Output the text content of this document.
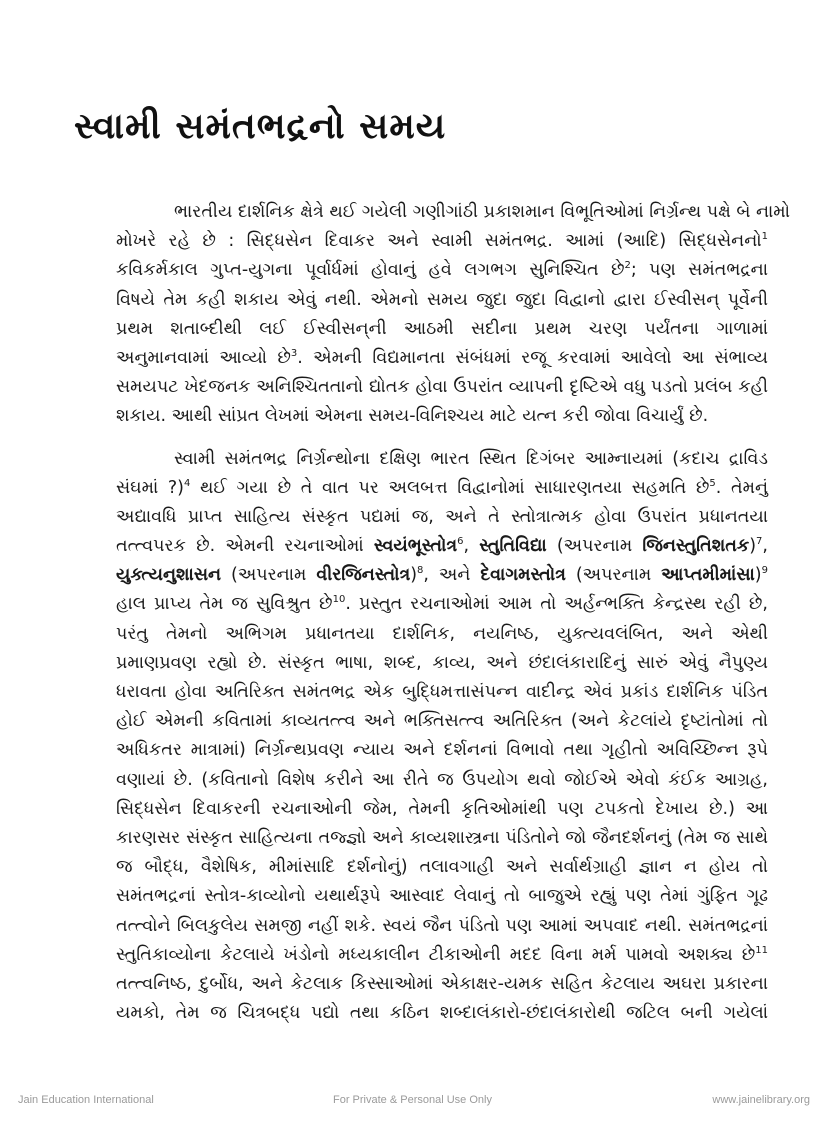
સ્વામી સમંતભદ્રનો સમય
ભારતીય દાર્શનિક ક્ષેત્રે થઈ ગયેલી ગણીગાંઠી પ્રકાશમાન વિભૂતિઓમાં નિર્ગ્રન્થ પક્ષે બે નામો
મોખરે રહે છે : સિદ્ધસેન દિવાકર અને સ્વામી સમંતભદ્ર. આમાં (આદિ) સિદ્ધસેનનો$^1$
કવિકર્મકાલ ગુપ્ત-યુગના પૂર્વાર્ધમાં હોવાનું હવે લગભગ સુનિશ્ચિત છે$^2$; પણ સમંતભદ્રના
વિષયે તેમ કહી શકાય એવું નથી. એમનો સમય જુદા જુદા વિદ્વાનો દ્વારા ઈસ્વીસન્ પૂર્વેની
પ્રથમ શતાબ્દીથી લઈ ઈસ્વીસન્‌ની આઠમી સદીના પ્રથમ ચરણ પર્યંતના ગાળામાં
અનુમાનવામાં આવ્યો છે$^3$. એમની વિદ્યમાનતા સંબંધમાં રજૂ કરવામાં આવેલો આ સંભાવ્ય
સમયપટ ખેદજનક અનિશ્ચિતતાનો દ્યોતક હોવા ઉપરાંત વ્યાપની દૃષ્ટિએ વધુ પડતો પ્રલંબ કહી
શકાય. આથી સાંપ્રત લેખમાં એમના સમય-વિનિશ્ચય માટે યત્ન કરી જોવા વિચાર્યું છે.
સ્વામી સમંતભદ્ર નિર્ગ્રન્થોના દક્ષિણ ભારત સ્થિત દિગંબર આમ્નાયમાં (કદાચ દ્રાવિડ
સંઘમાં ?)$^4$ થઈ ગયા છે તે વાત પર અલબત્ત વિદ્વાનોમાં સાધારણતયા સહમતિ છે$^5$. તેમનું
અદ્યાવધિ પ્રાપ્ત સાહિત્ય સંસ્કૃત પદ્યમાં જ, અને તે સ્તોત્રાત્મક હોવા ઉપરાંત પ્રધાનતયા
તત્ત્વપરક છે. એમની રચનાઓમાં સ્વયંભૂસ્તોત્ર$^6$, સ્તુતિવિદ્યા (અપરનામ જિનસ્તુતિશતક)$^7$,
યુક્ત્યનુશાસન (અપરનામ વીરજિનસ્તોત્ર)$^8$, અને દેવાગમસ્તોત્ર (અપરનામ આપ્તમીમાંસા)$^9$
હાલ પ્રાપ્ય તેમ જ સુવિશ્રુત છે$^{10}$. પ્રસ્તુત રચનાઓમાં આમ તો અર્હન્ભક્તિ કેન્દ્રસ્થ રહી છે,
પરંતુ તેમનો અભિગમ પ્રધાનતયા દાર્શનિક, નયનિષ્ઠ, યુક્ત્યવલંબિત, અને એથી
પ્રમાણપ્રવણ રહ્યો છે. સંસ્કૃત ભાષા, શબ્દ, કાવ્ય, અને છંદાલંકારાદિનું સારું એવું નૈપુણ્ય
ધરાવતા હોવા અતિરિક્ત સમંતભદ્ર એક બુદ્ધિમત્તાસંપન્ન વાદીન્દ્ર એવં પ્રકાંડ દાર્શનિક પંડિત
હોઈ એમની કવિતામાં કાવ્યતત્ત્વ અને ભક્તિસત્ત્વ અતિરિક્ત (અને કેટલાંયે દૃષ્ટાંતોમાં તો
અધિકતર માત્રામાં) નિર્ગ્રન્થપ્રવણ ન્યાય અને દર્શનનાં વિભાવો તથા ગૃહીતો અવિચ્છિન્ન રૂપે
વણાયાં છે. (કવિતાનો વિશેષ કરીને આ રીતે જ ઉપયોગ થવો જોઈએ એવો કંઈક આગ્રહ,
સિદ્ધસેન દિવાકરની રચનાઓની જેમ, તેમની કૃતિઓમાંથી પણ ટપકતો દેખાય છે.) આ
કારણસર સંસ્કૃત સાહિત્યના તજ્જ્ઞો અને કાવ્યશાસ્ત્રના પંડિતોને જો જૈનદર્શનનું (તેમ જ સાથે
જ બૌદ્ધ, વૈશેષિક, મીમાંસાદિ દર્શનોનું) તલાવગાહી અને સર્વાર્થગ્રાહી જ્ઞાન ન હોય તો
સમંતભદ્રનાં સ્તોત્ર-કાવ્યોનો યથાર્થરૂપે આસ્વાદ લેવાનું તો બાજુએ રહ્યું પણ તેમાં ગુંફિત ગૂઢ
તત્ત્વોને બિલકુલેય સમજી નહીં શકે. સ્વયં જૈન પંડિતો પણ આમાં અપવાદ નથી. સમંતભદ્રનાં
સ્તુતિકાવ્યોના કેટલાયે ખંડોનો મધ્યકાલીન ટીકાઓની મદદ વિના મર્મ પામવો અશક્ય છે$^{11}$
તત્ત્વનિષ્ઠ, દુર્બોધ, અને કેટલાક કિસ્સાઓમાં એકાક્ષર-યમક સહિત કેટલાય અઘરા પ્રકારના
યમકો, તેમ જ ચિત્રબદ્ધ પદ્યો તથા કઠિન શબ્દાલંકારો-છંદાલંકારોથી જટિલ બની ગયેલાં
Jain Education International	For Private & Personal Use Only	www.jainelibrary.org
